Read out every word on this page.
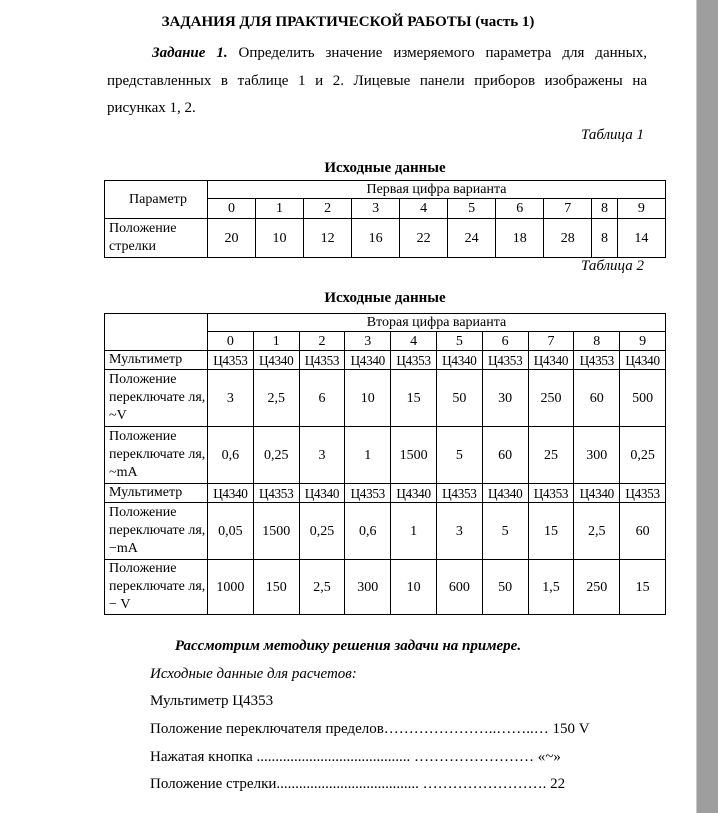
ЗАДАНИЯ ДЛЯ ПРАКТИЧЕСКОЙ РАБОТЫ (часть 1)
Задание 1. Определить значение измеряемого параметра для данных, представленных в таблице 1 и 2. Лицевые панели приборов изображены на рисунках 1, 2.
Таблица 1
Исходные данные
Параметр	Первая цифра варианта									
	0	1	2	3	4	5	6	7	8	9
Положение стрелки	20	10	12	16	22	24	18	28	8	14
Таблица 2
Исходные данные
	Вторая цифра варианта									
	0	1	2	3	4	5	6	7	8	9
Мультиметр	Ц4353	Ц4340	Ц4353	Ц4340	Ц4353	Ц4340	Ц4353	Ц4340	Ц4353	Ц4340
Положение переключате ля, ~V	3	2,5	6	10	15	50	30	250	60	500
Положение переключате ля, ~mA	0,6	0,25	3	1	1500	5	60	25	300	0,25
Мультиметр	Ц4340	Ц4353	Ц4340	Ц4353	Ц4340	Ц4353	Ц4340	Ц4353	Ц4340	Ц4353
Положение переключате ля, −mA	0,05	1500	0,25	0,6	1	3	5	15	2,5	60
Положение переключате ля, − V	1000	150	2,5	300	10	600	50	1,5	250	15
Рассмотрим методику решения задачи на примере.
Исходные данные для расчетов:
Мультиметр Ц4353
Положение переключателя пределов…………………..……..… 150 V
Нажатая кнопка ......................................... …………………… «~»
Положение стрелки...................................... ……………………. 22
